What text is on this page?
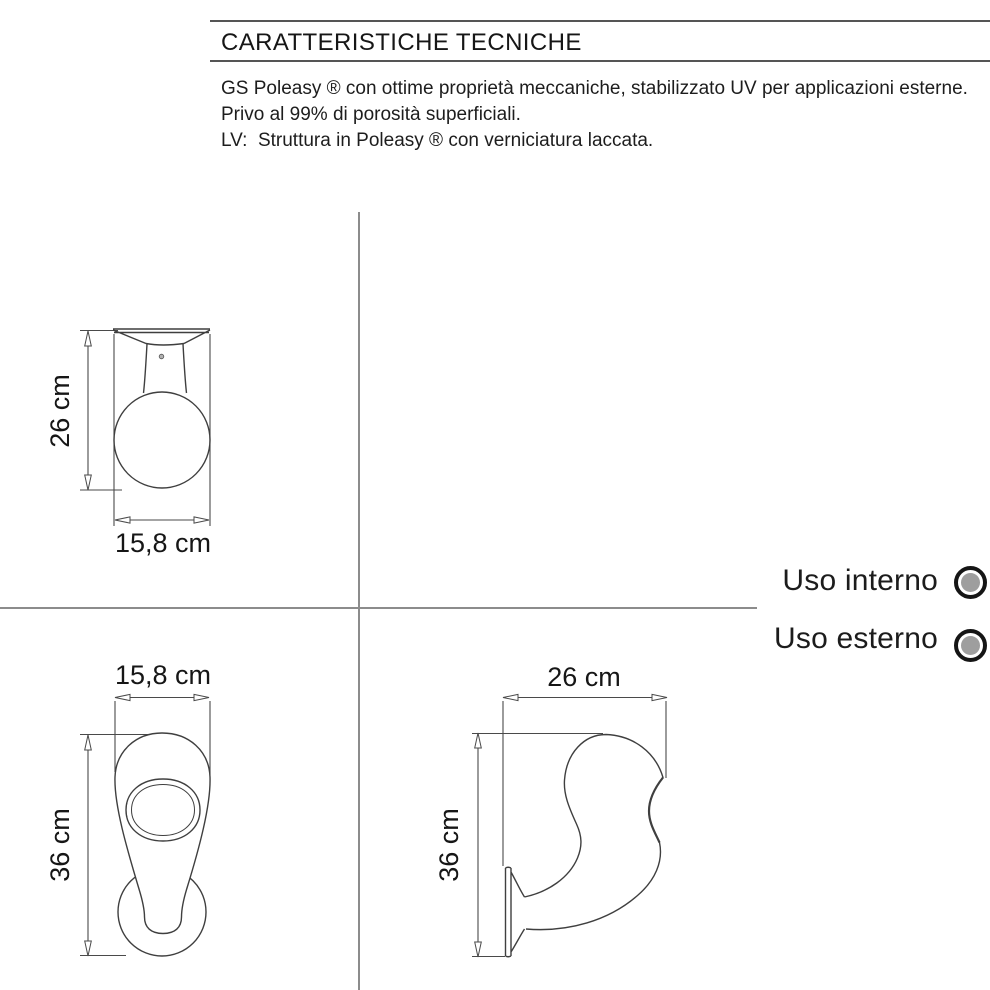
CARATTERISTICHE TECNICHE
GS Poleasy ® con ottime proprietà meccaniche, stabilizzato UV per applicazioni esterne.
Privo al 99% di porosità superficiali.
LV:  Struttura in Poleasy ® con verniciatura laccata.
Uso interno
Uso esterno
26 cm
15,8 cm
15,8 cm
36 cm
26 cm
36 cm
